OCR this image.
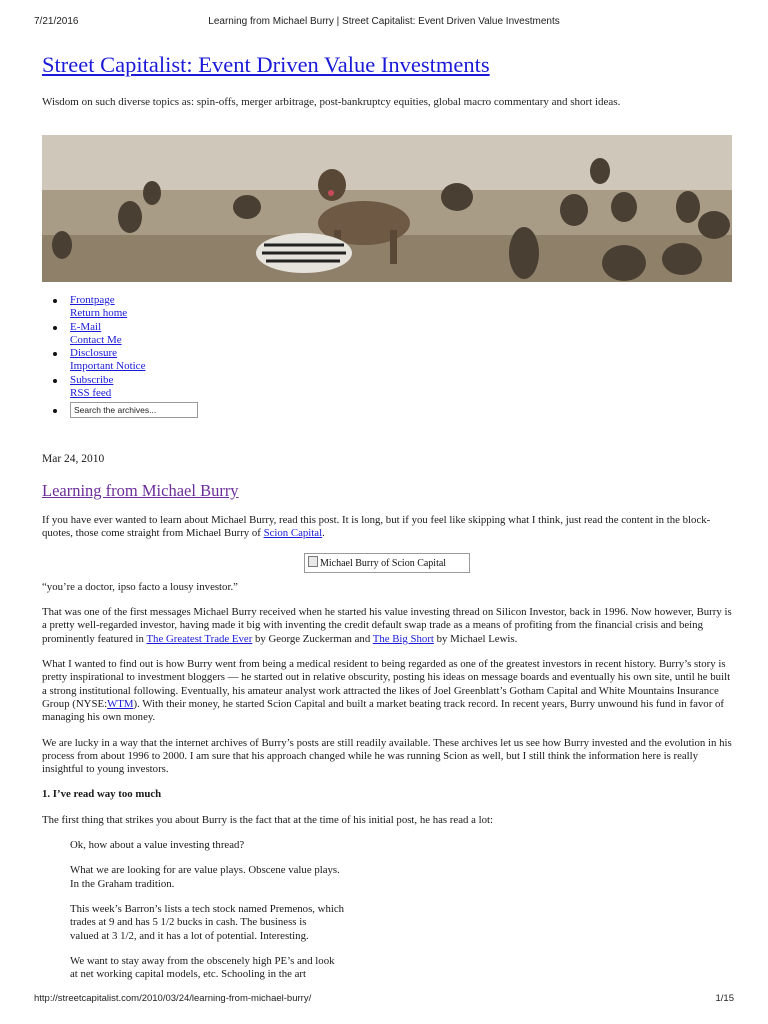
7/21/2016	Learning from Michael Burry | Street Capitalist: Event Driven Value Investments
Street Capitalist: Event Driven Value Investments
Wisdom on such diverse topics as: spin-offs, merger arbitrage, post-bankruptcy equities, global macro commentary and short ideas.
Frontpage
Return home
E-Mail
Contact Me
Disclosure
Important Notice
Subscribe
RSS feed
Search the archives...
Mar 24, 2010
Learning from Michael Burry

If you have ever wanted to learn about Michael Burry, read this post. It is long, but if you feel like skipping what I think, just read the content in the block-quotes, those come straight from Michael Burry of Scion Capital.

Michael Burry of Scion Capital

“you’re a doctor, ipso facto a lousy investor.”

That was one of the first messages Michael Burry received when he started his value investing thread on Silicon Investor, back in 1996. Now however, Burry is a pretty well-regarded investor, having made it big with inventing the credit default swap trade as a means of profiting from the financial crisis and being prominently featured in The Greatest Trade Ever by George Zuckerman and The Big Short by Michael Lewis.

What I wanted to find out is how Burry went from being a medical resident to being regarded as one of the greatest investors in recent history. Burry’s story is pretty inspirational to investment bloggers — he started out in relative obscurity, posting his ideas on message boards and eventually his own site, until he built a strong institutional following. Eventually, his amateur analyst work attracted the likes of Joel Greenblatt’s Gotham Capital and White Mountains Insurance Group (NYSE:WTM). With their money, he started Scion Capital and built a market beating track record. In recent years, Burry unwound his fund in favor of managing his own money.

We are lucky in a way that the internet archives of Burry’s posts are still readily available. These archives let us see how Burry invested and the evolution in his process from about 1996 to 2000. I am sure that his approach changed while he was running Scion as well, but I still think the information here is really insightful to young investors.

1. I’ve read way too much

The first thing that strikes you about Burry is the fact that at the time of his initial post, he has read a lot:

Ok, how about a value investing thread?
What we are looking for are value plays. Obscene value plays.
In the Graham tradition.
This week’s Barron’s lists a tech stock named Premenos, which
trades at 9 and has 5 1/2 bucks in cash. The business is
valued at 3 1/2, and it has a lot of potential. Interesting.
We want to stay away from the obscenely high PE’s and look
at net working capital models, etc. Schooling in the art
http://streetcapitalist.com/2010/03/24/learning-from-michael-burry/	1/15
